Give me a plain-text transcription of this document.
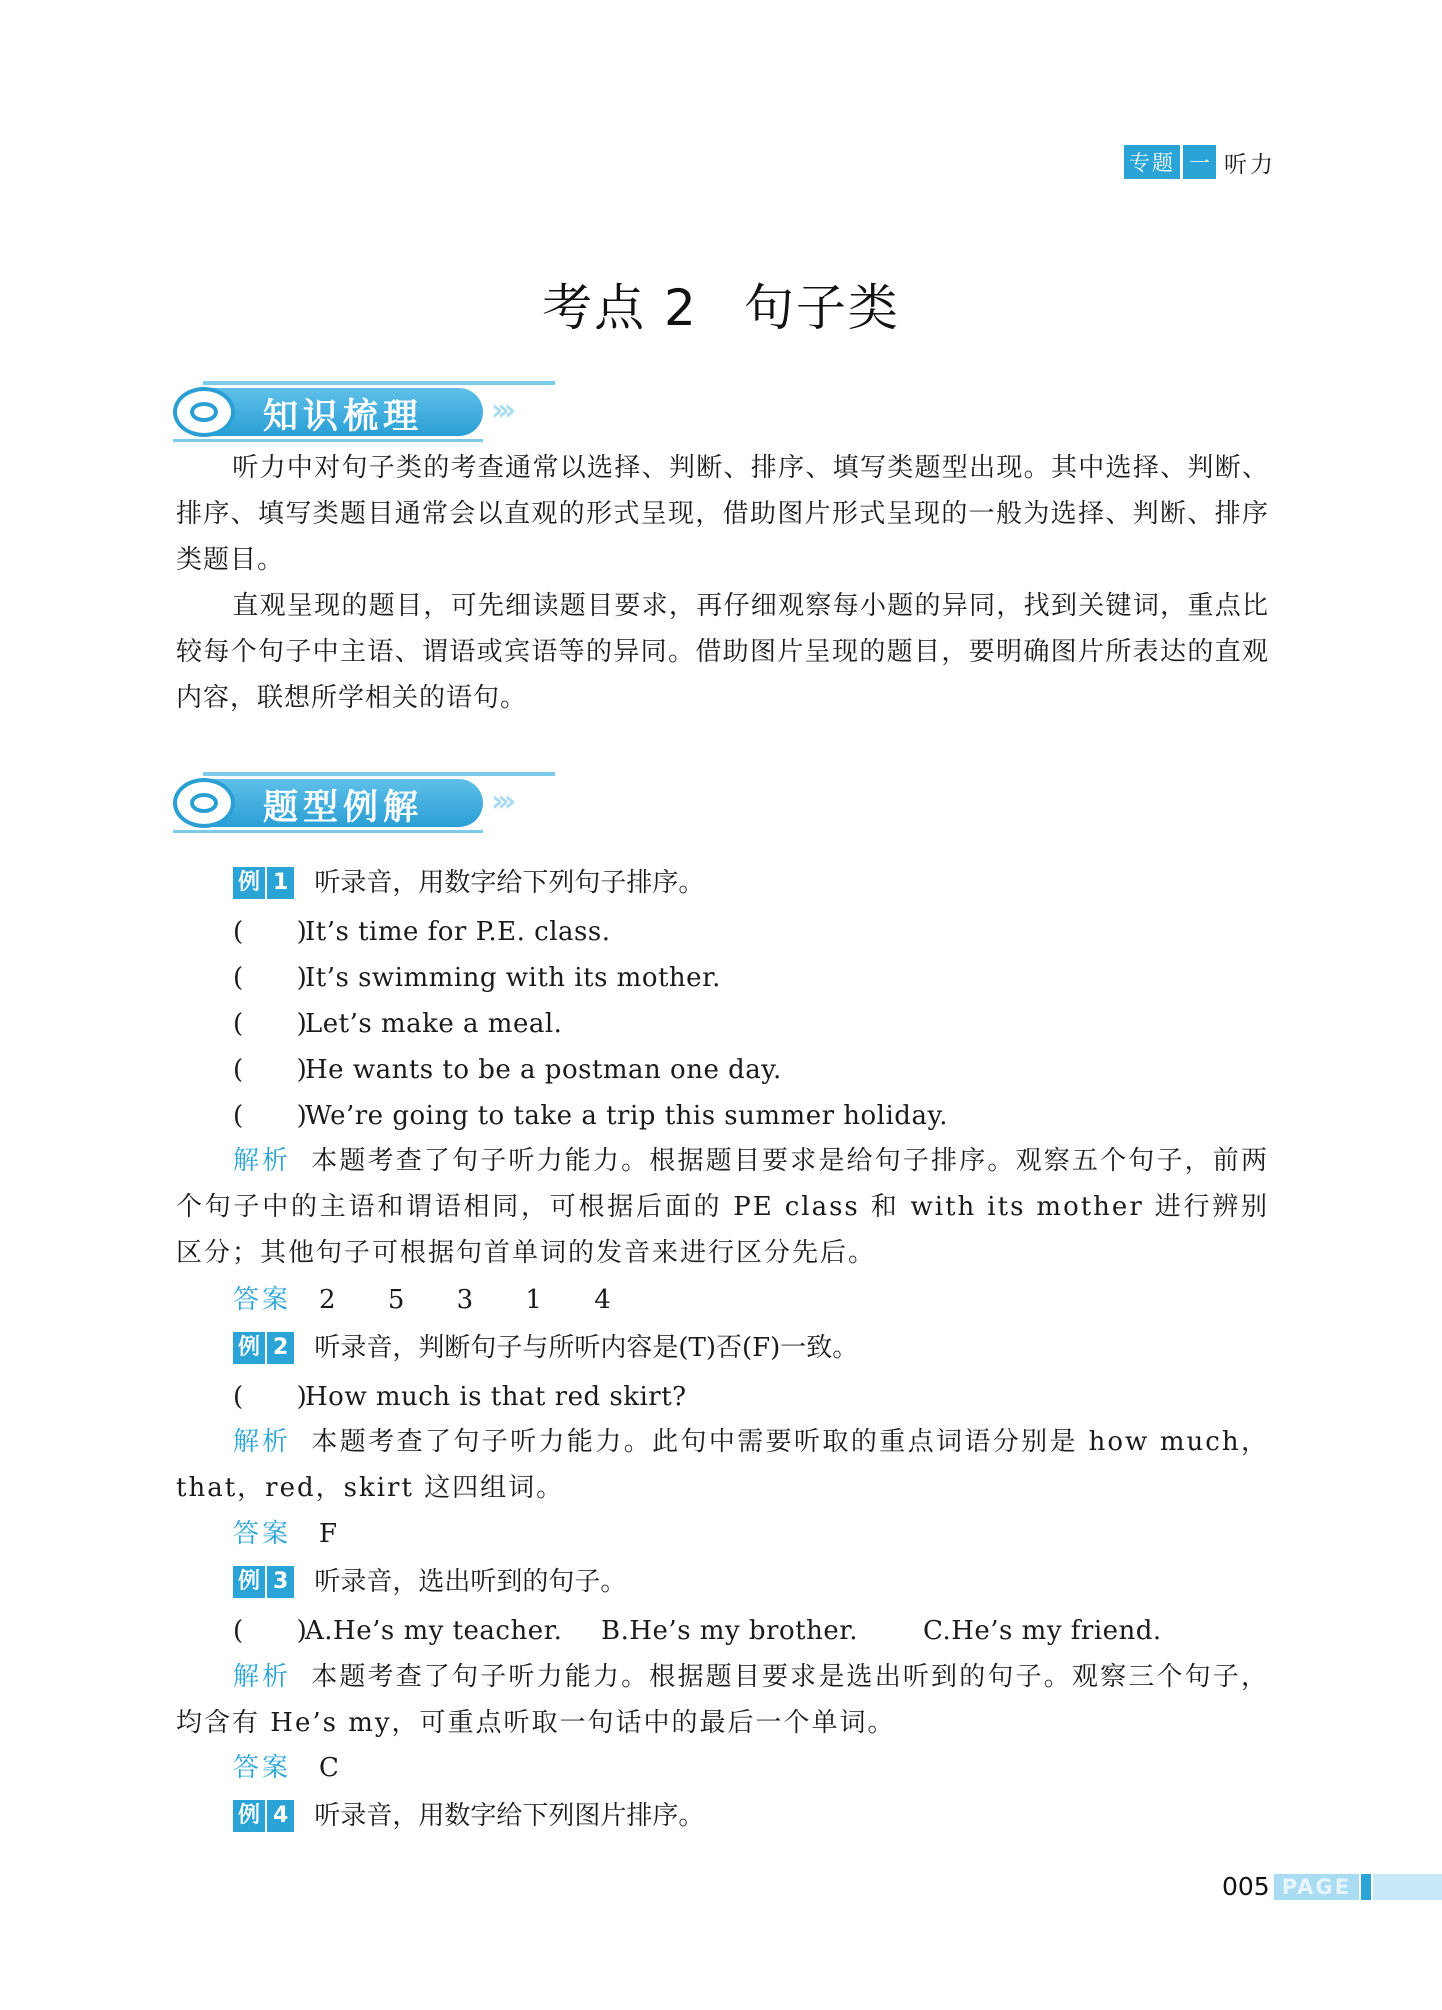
专题 一 听力
考点 2 句子类
知识梳理 ›››

听力中对句子类的考查通常以选择、判断、排序、填写类题型出现。其中选择、判断、排序、填写类题目通常会以直观的形式呈现，借助图片形式呈现的一般为选择、判断、排序类题目。

直观呈现的题目，可先细读题目要求，再仔细观察每小题的异同，找到关键词，重点比较每个句子中主语、谓语或宾语等的异同。借助图片呈现的题目，要明确图片所表达的直观内容，联想所学相关的语句。

题型例解 ›››
例 1 听录音，用数字给下列句子排序。
(　　)It’s time for P.E. class.
(　　)It’s swimming with its mother.
(　　)Let’s make a meal.
(　　)He wants to be a postman one day.
(　　)We’re going to take a trip this summer holiday.

解析 本题考查了句子听力能力。根据题目要求是给句子排序。观察五个句子，前两个句子中的主语和谓语相同，可根据后面的 PE class 和 with its mother 进行辨别区分；其他句子可根据句首单词的发音来进行区分先后。

答案 2 5 3 1 4
例 2 听录音，判断句子与所听内容是(T)否(F)一致。
(　　)How much is that red skirt?

解析 本题考查了句子听力能力。此句中需要听取的重点词语分别是 how much，that，red，skirt 这四组词。

答案 F
例 3 听录音，选出听到的句子。
(　　)A.He’s my teacher. B.He’s my brother. C.He’s my friend.

解析 本题考查了句子听力能力。根据题目要求是选出听到的句子。观察三个句子，均含有 He’s my，可重点听取一句话中的最后一个单词。

答案 C
例 4 听录音，用数字给下列图片排序。
005 PAGE
